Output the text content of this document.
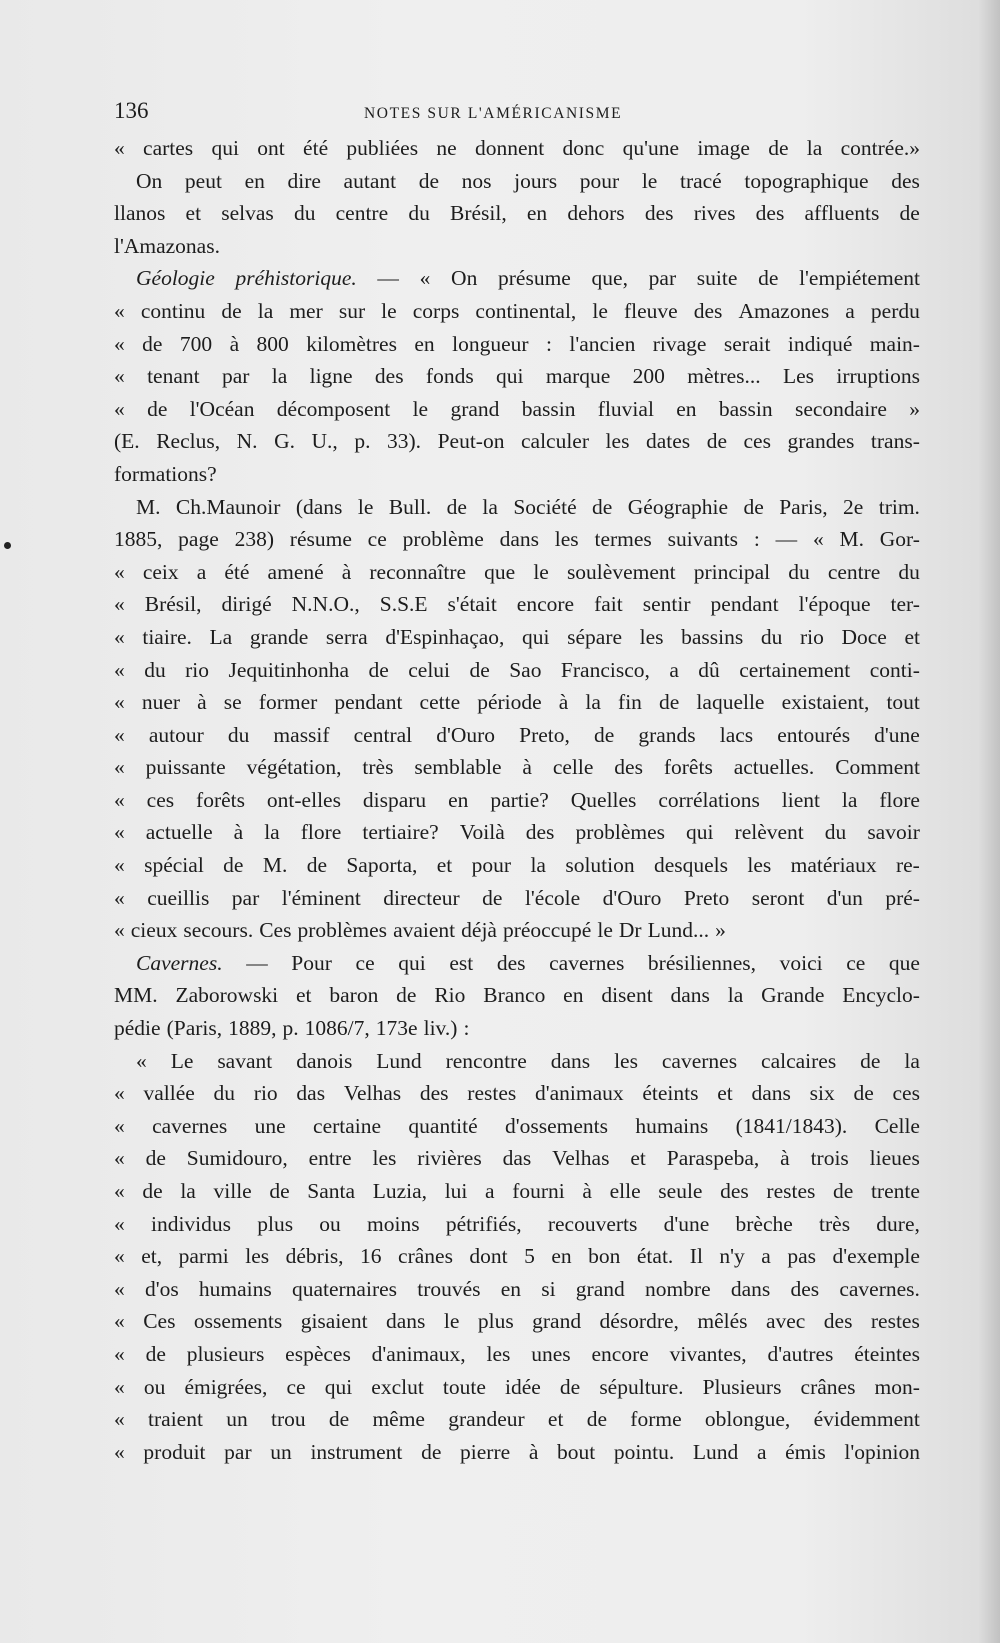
136	NOTES SUR L'AMÉRICANISME
« cartes qui ont été publiées ne donnent donc qu'une image de la contrée.»
On peut en dire autant de nos jours pour le tracé topographique des
llanos et selvas du centre du Brésil, en dehors des rives des affluents de
l'Amazonas.
Géologie préhistorique. — « On présume que, par suite de l'empiétement
« continu de la mer sur le corps continental, le fleuve des Amazones a perdu
« de 700 à 800 kilomètres en longueur : l'ancien rivage serait indiqué main-
« tenant par la ligne des fonds qui marque 200 mètres... Les irruptions
« de l'Océan décomposent le grand bassin fluvial en bassin secondaire »
(E. Reclus, N. G. U., p. 33). Peut-on calculer les dates de ces grandes trans-
formations?
M. Ch.Maunoir (dans le Bull. de la Société de Géographie de Paris, 2e trim.
1885, page 238) résume ce problème dans les termes suivants : — « M. Gor-
« ceix a été amené à reconnaître que le soulèvement principal du centre du
« Brésil, dirigé N.N.O., S.S.E s'était encore fait sentir pendant l'époque ter-
« tiaire. La grande serra d'Espinhaçao, qui sépare les bassins du rio Doce et
« du rio Jequitinhonha de celui de Sao Francisco, a dû certainement conti-
« nuer à se former pendant cette période à la fin de laquelle existaient, tout
« autour du massif central d'Ouro Preto, de grands lacs entourés d'une
« puissante végétation, très semblable à celle des forêts actuelles. Comment
« ces forêts ont-elles disparu en partie? Quelles corrélations lient la flore
« actuelle à la flore tertiaire? Voilà des problèmes qui relèvent du savoir
« spécial de M. de Saporta, et pour la solution desquels les matériaux re-
« cueillis par l'éminent directeur de l'école d'Ouro Preto seront d'un pré-
« cieux secours. Ces problèmes avaient déjà préoccupé le Dr Lund... »
Cavernes. — Pour ce qui est des cavernes brésiliennes, voici ce que
MM. Zaborowski et baron de Rio Branco en disent dans la Grande Encyclo-
pédie (Paris, 1889, p. 1086/7, 173e liv.) :
« Le savant danois Lund rencontre dans les cavernes calcaires de la
« vallée du rio das Velhas des restes d'animaux éteints et dans six de ces
« cavernes une certaine quantité d'ossements humains (1841/1843). Celle
« de Sumidouro, entre les rivières das Velhas et Paraspeba, à trois lieues
« de la ville de Santa Luzia, lui a fourni à elle seule des restes de trente
« individus plus ou moins pétrifiés, recouverts d'une brèche très dure,
« et, parmi les débris, 16 crânes dont 5 en bon état. Il n'y a pas d'exemple
« d'os humains quaternaires trouvés en si grand nombre dans des cavernes.
« Ces ossements gisaient dans le plus grand désordre, mêlés avec des restes
« de plusieurs espèces d'animaux, les unes encore vivantes, d'autres éteintes
« ou émigrées, ce qui exclut toute idée de sépulture. Plusieurs crânes mon-
« traient un trou de même grandeur et de forme oblongue, évidemment
« produit par un instrument de pierre à bout pointu. Lund a émis l'opinion
